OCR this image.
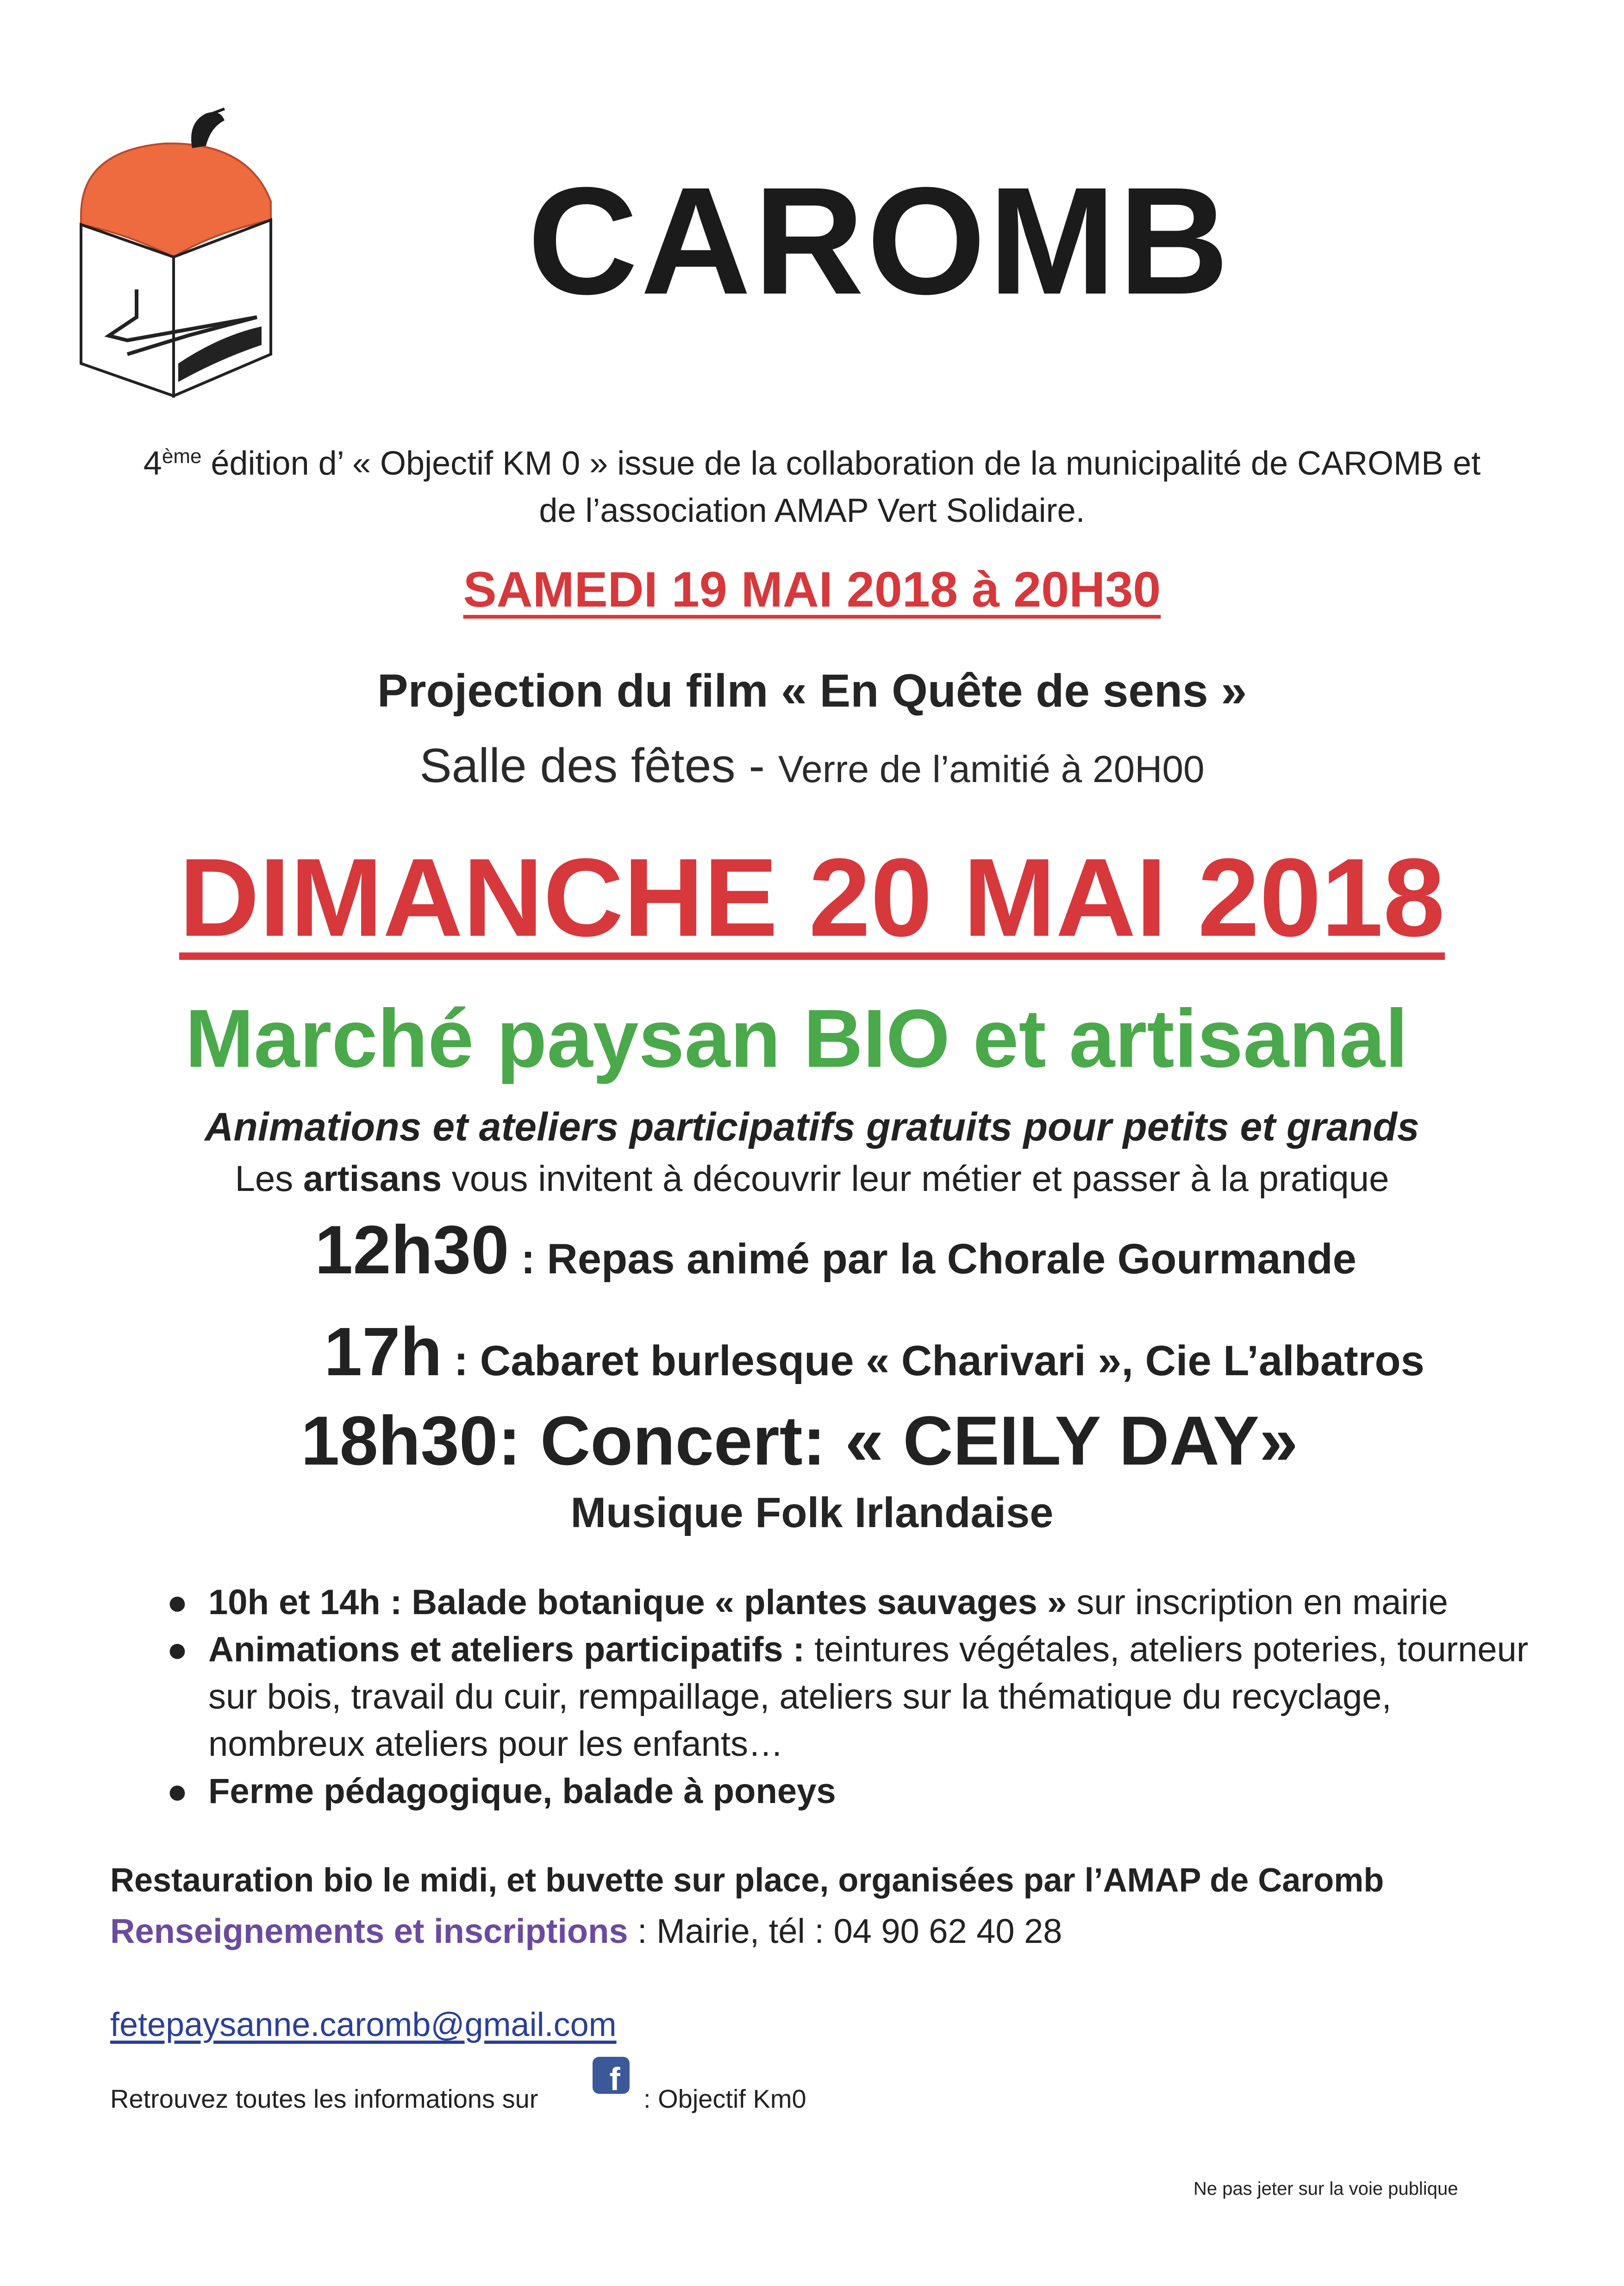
CAROMB
4ème édition d’ « Objectif KM 0 » issue de la collaboration de la municipalité de CAROMB et
de l’association AMAP Vert Solidaire.
SAMEDI 19 MAI 2018 à 20H30
Projection du film « En Quête de sens »
Salle des fêtes - Verre de l’amitié à 20H00
DIMANCHE 20 MAI 2018
Marché paysan BIO et artisanal
Animations et ateliers participatifs gratuits pour petits et grands
Les artisans vous invitent à découvrir leur métier et passer à la pratique
12h30 : Repas animé par la Chorale Gourmande
17h : Cabaret burlesque « Charivari », Cie L’albatros
18h30: Concert: « CEILY DAY»
Musique Folk Irlandaise
● 10h et 14h : Balade botanique « plantes sauvages » sur inscription en mairie
● Animations et ateliers participatifs : teintures végétales, ateliers poteries, tourneur sur bois, travail du cuir, rempaillage, ateliers sur la thématique du recyclage, nombreux ateliers pour les enfants…
● Ferme pédagogique, balade à poneys
Restauration bio le midi, et buvette sur place, organisées par l’AMAP de Caromb
Renseignements et inscriptions : Mairie, tél : 04 90 62 40 28
fetepaysanne.caromb@gmail.com
Retrouvez toutes les informations sur
f
: Objectif Km0
Ne pas jeter sur la voie publique
